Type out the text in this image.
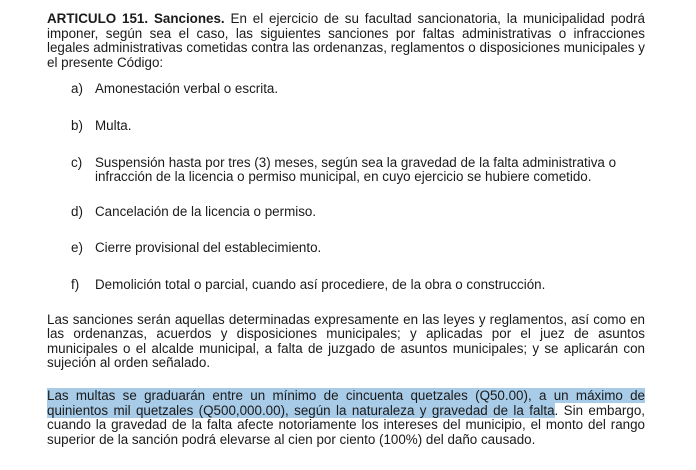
ARTICULO 151. Sanciones. En el ejercicio de su facultad sancionatoria, la municipalidad podrá imponer, según sea el caso, las siguientes sanciones por faltas administrativas o infracciones legales administrativas cometidas contra las ordenanzas, reglamentos o disposiciones municipales y el presente Código:

a) Amonestación verbal o escrita.
b) Multa.
c) Suspensión hasta por tres (3) meses, según sea la gravedad de la falta administrativa o infracción de la licencia o permiso municipal, en cuyo ejercicio se hubiere cometido.
d) Cancelación de la licencia o permiso.
e) Cierre provisional del establecimiento.
f) Demolición total o parcial, cuando así procediere, de la obra o construcción.

Las sanciones serán aquellas determinadas expresamente en las leyes y reglamentos, así como en las ordenanzas, acuerdos y disposiciones municipales; y aplicadas por el juez de asuntos municipales o el alcalde municipal, a falta de juzgado de asuntos municipales; y se aplicarán con sujeción al orden señalado.

Las multas se graduarán entre un mínimo de cincuenta quetzales (Q50.00), a un máximo de quinientos mil quetzales (Q500,000.00), según la naturaleza y gravedad de la falta. Sin embargo, cuando la gravedad de la falta afecte notoriamente los intereses del municipio, el monto del rango superior de la sanción podrá elevarse al cien por ciento (100%) del daño causado.
